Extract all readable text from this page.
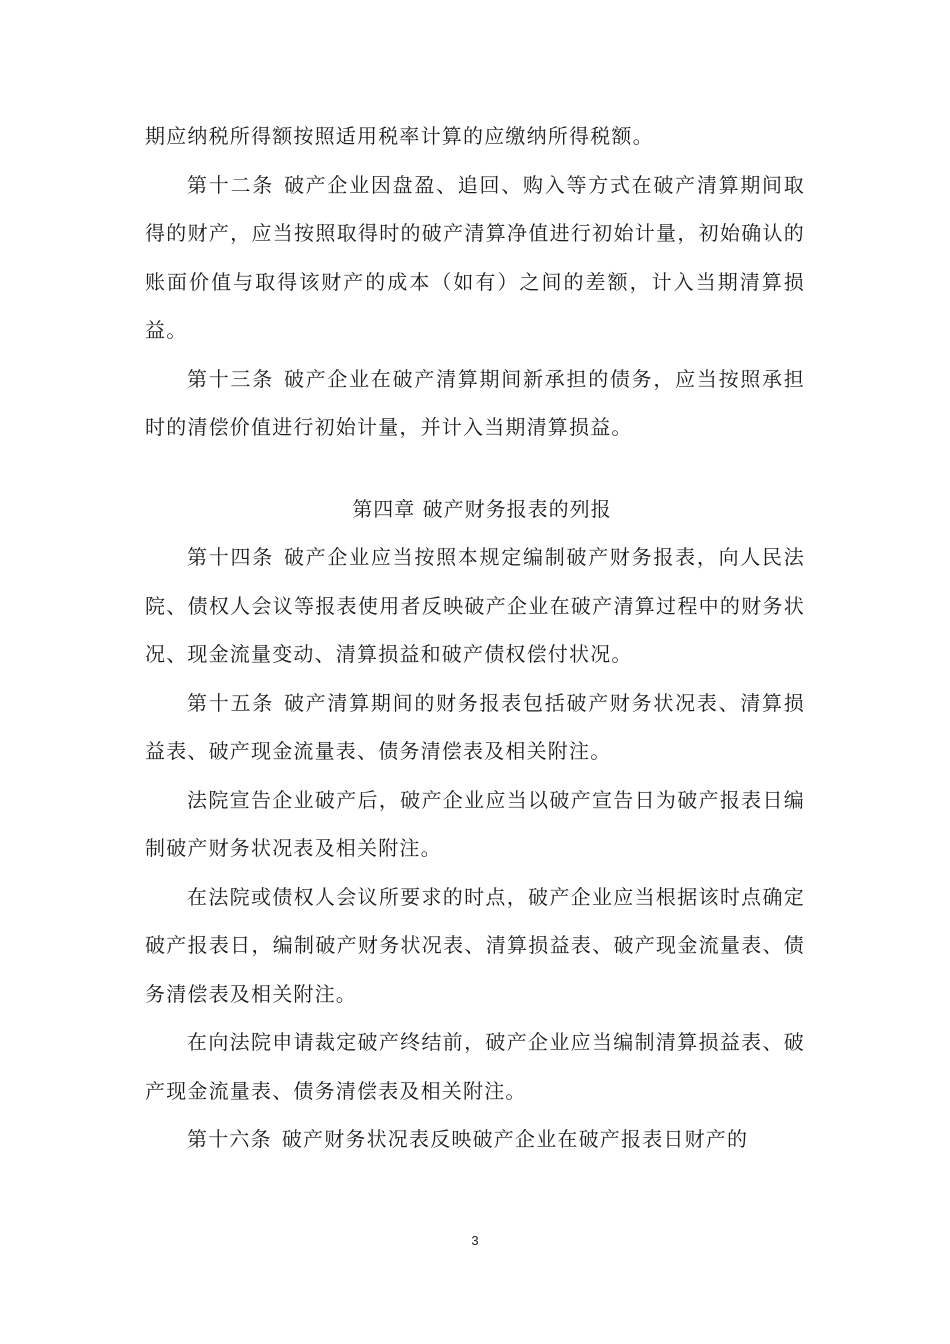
期应纳税所得额按照适用税率计算的应缴纳所得税额。

第十二条 破产企业因盘盈、追回、购入等方式在破产清算期间取得的财产，应当按照取得时的破产清算净值进行初始计量，初始确认的账面价值与取得该财产的成本（如有）之间的差额，计入当期清算损益。

第十三条 破产企业在破产清算期间新承担的债务，应当按照承担时的清偿价值进行初始计量，并计入当期清算损益。

第四章 破产财务报表的列报

第十四条 破产企业应当按照本规定编制破产财务报表，向人民法院、债权人会议等报表使用者反映破产企业在破产清算过程中的财务状况、现金流量变动、清算损益和破产债权偿付状况。

第十五条 破产清算期间的财务报表包括破产财务状况表、清算损益表、破产现金流量表、债务清偿表及相关附注。

法院宣告企业破产后，破产企业应当以破产宣告日为破产报表日编制破产财务状况表及相关附注。

在法院或债权人会议所要求的时点，破产企业应当根据该时点确定破产报表日，编制破产财务状况表、清算损益表、破产现金流量表、债务清偿表及相关附注。

在向法院申请裁定破产终结前，破产企业应当编制清算损益表、破产现金流量表、债务清偿表及相关附注。

第十六条 破产财务状况表反映破产企业在破产报表日财产的

3
